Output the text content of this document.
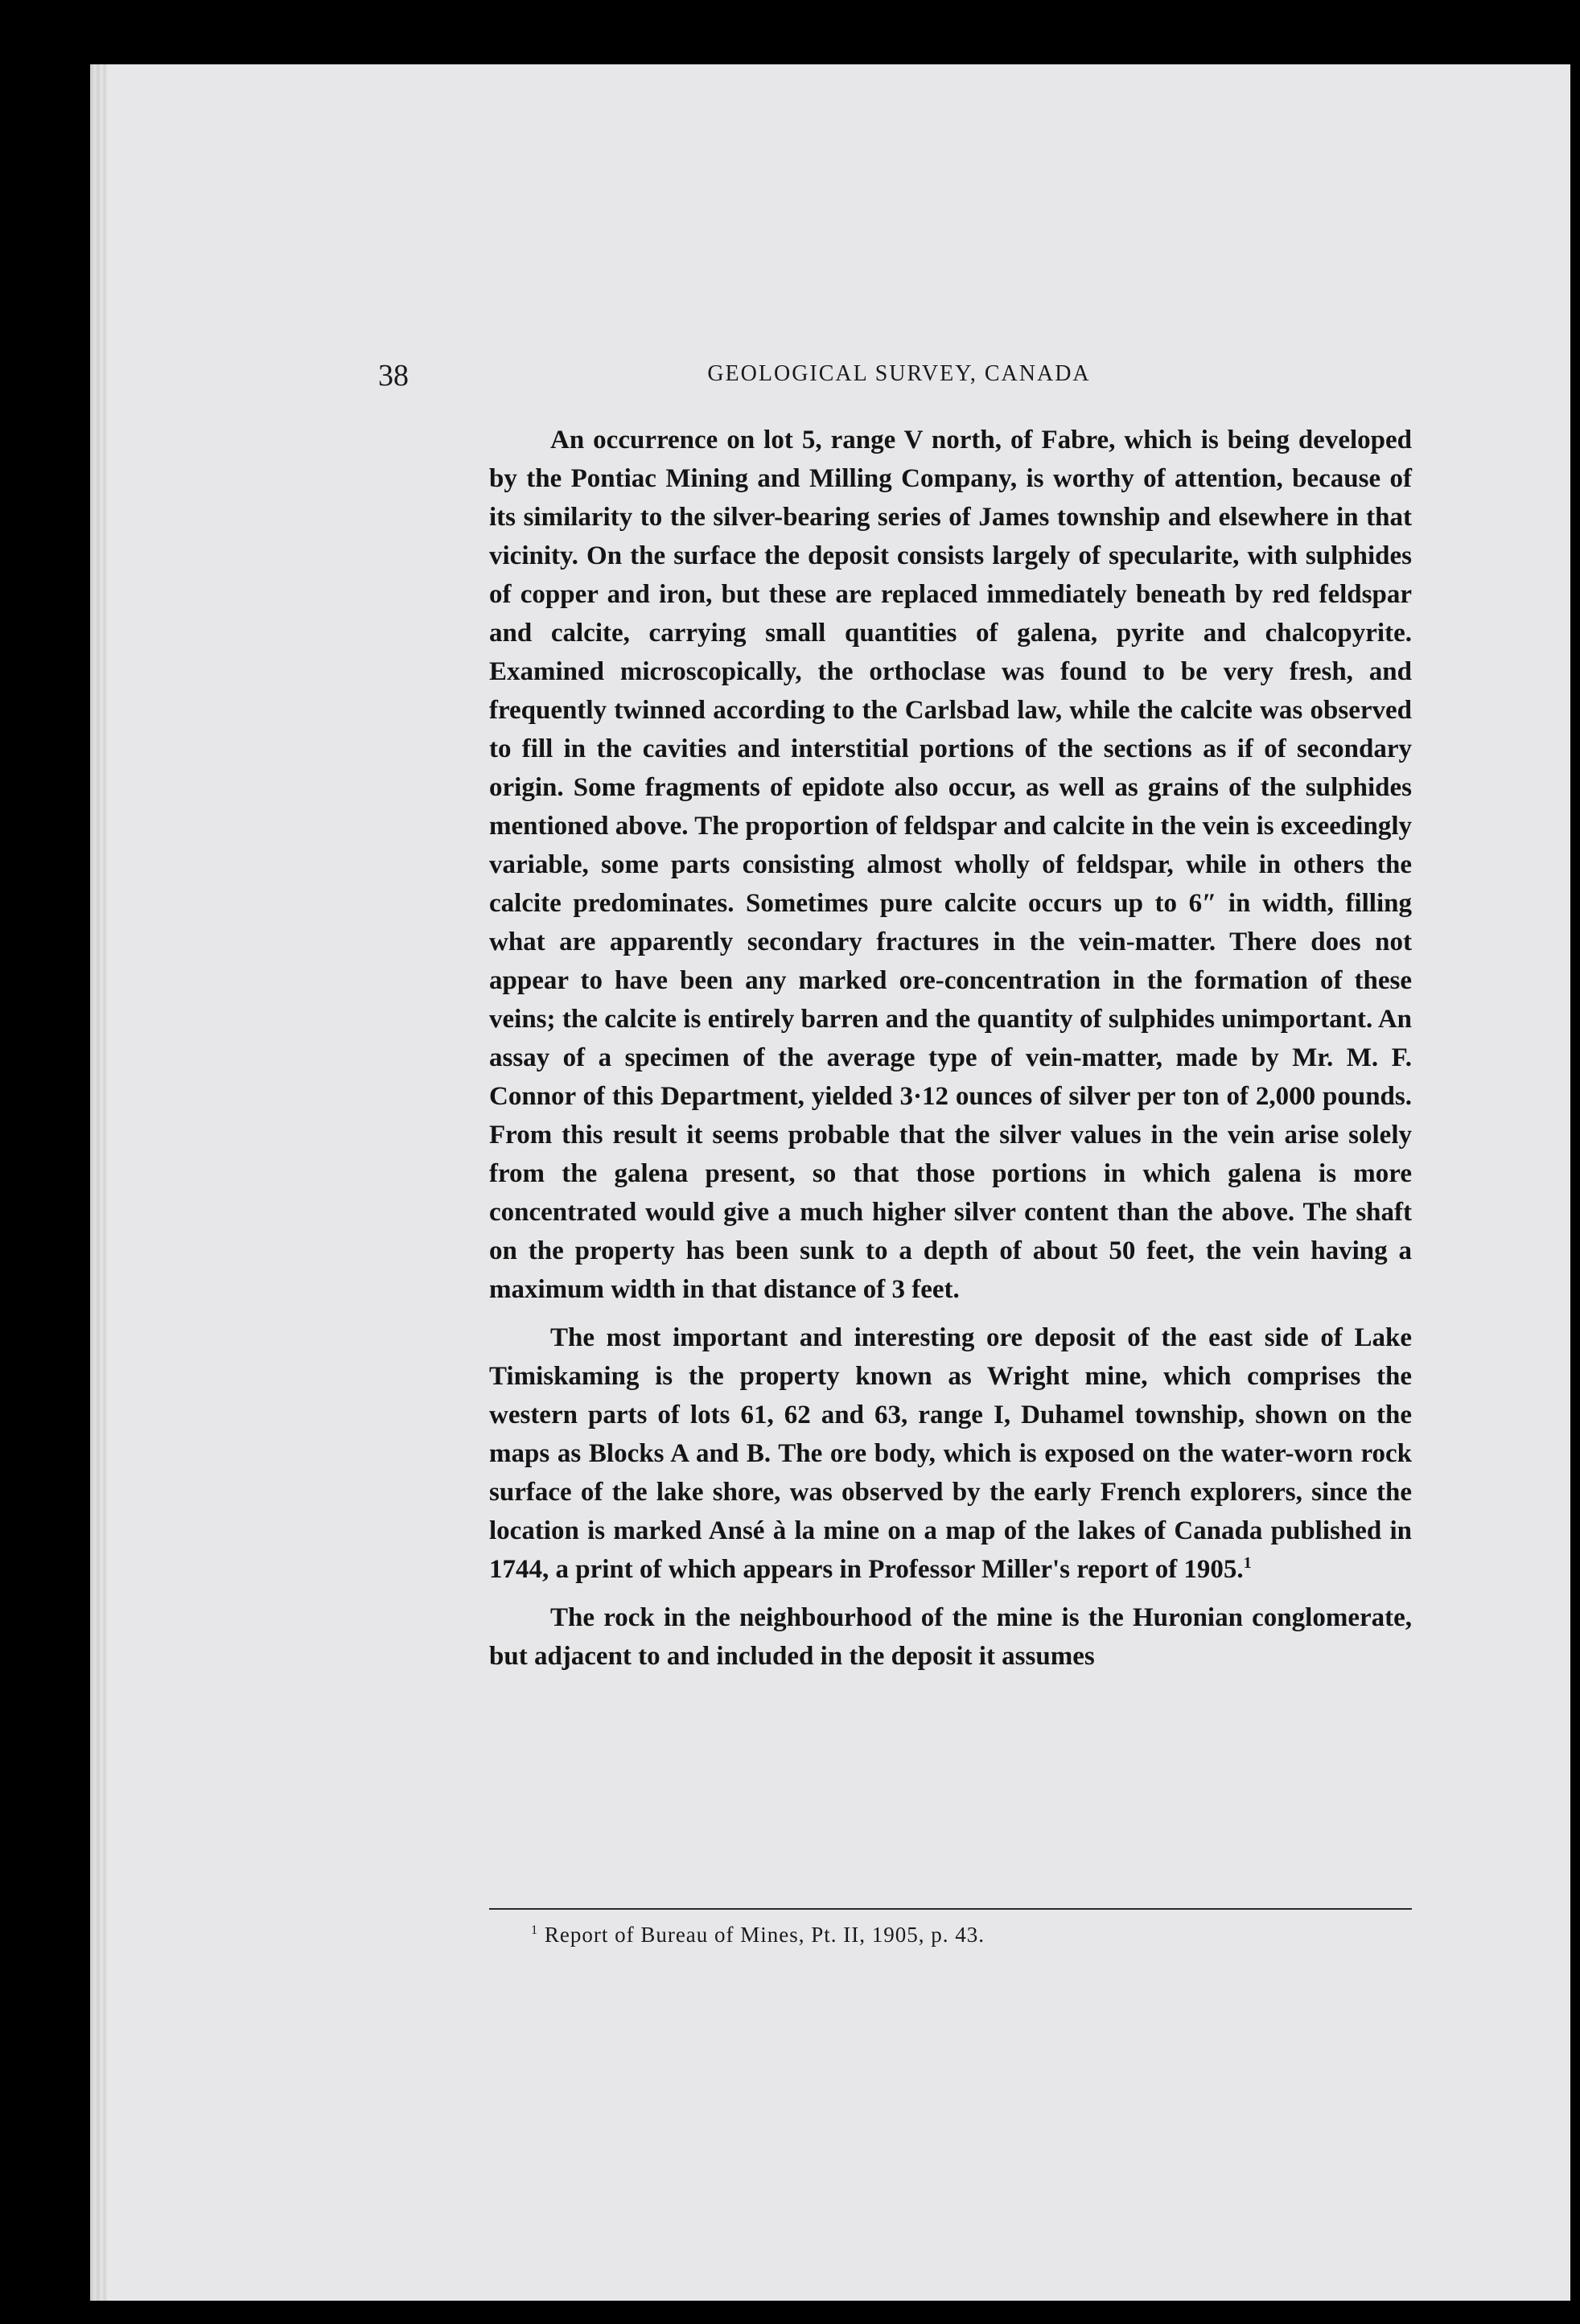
38	GEOLOGICAL SURVEY, CANADA

An occurrence on lot 5, range V north, of Fabre, which is being developed by the Pontiac Mining and Milling Company, is worthy of attention, because of its similarity to the silver-bearing series of James township and elsewhere in that vicinity. On the surface the deposit consists largely of specularite, with sulphides of copper and iron, but these are replaced immediately beneath by red feldspar and calcite, carrying small quantities of galena, pyrite and chalcopyrite. Examined microscopically, the orthoclase was found to be very fresh, and frequently twinned according to the Carlsbad law, while the calcite was observed to fill in the cavities and interstitial portions of the sections as if of secondary origin. Some fragments of epidote also occur, as well as grains of the sulphides mentioned above. The proportion of feldspar and calcite in the vein is exceedingly variable, some parts consisting almost wholly of feldspar, while in others the calcite predominates. Sometimes pure calcite occurs up to 6″ in width, filling what are apparently secondary fractures in the vein-matter. There does not appear to have been any marked ore-concentration in the formation of these veins; the calcite is entirely barren and the quantity of sulphides unimportant. An assay of a specimen of the average type of vein-matter, made by Mr. M. F. Connor of this Department, yielded 3·12 ounces of silver per ton of 2,000 pounds. From this result it seems probable that the silver values in the vein arise solely from the galena present, so that those portions in which galena is more concentrated would give a much higher silver content than the above. The shaft on the property has been sunk to a depth of about 50 feet, the vein having a maximum width in that distance of 3 feet.

The most important and interesting ore deposit of the east side of Lake Timiskaming is the property known as Wright mine, which comprises the western parts of lots 61, 62 and 63, range I, Duhamel township, shown on the maps as Blocks A and B. The ore body, which is exposed on the water-worn rock surface of the lake shore, was observed by the early French explorers, since the location is marked Ansé à la mine on a map of the lakes of Canada published in 1744, a print of which appears in Professor Miller's report of 1905.$^1$

The rock in the neighbourhood of the mine is the Huronian conglomerate, but adjacent to and included in the deposit it assumes

$^1$ Report of Bureau of Mines, Pt. II, 1905, p. 43.
